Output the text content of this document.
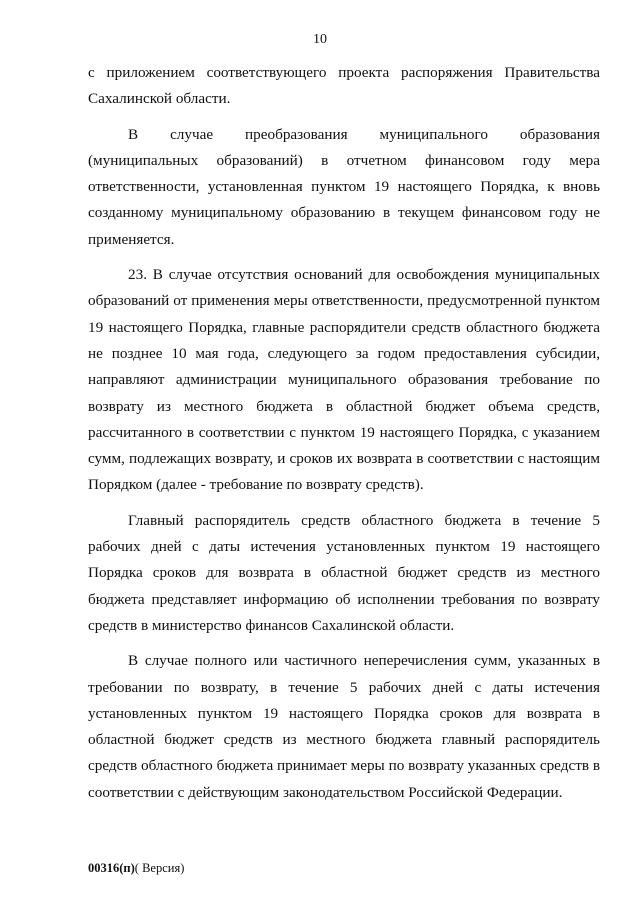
10

с приложением соответствующего проекта распоряжения Правительства Сахалинской области.

В случае преобразования муниципального образования (муниципальных образований) в отчетном финансовом году мера ответственности, установленная пунктом 19 настоящего Порядка, к вновь созданному муниципальному образованию в текущем финансовом году не применяется.

23. В случае отсутствия оснований для освобождения муниципальных образований от применения меры ответственности, предусмотренной пунктом 19 настоящего Порядка, главные распорядители средств областного бюджета не позднее 10 мая года, следующего за годом предоставления субсидии, направляют администрации муниципального образования требование по возврату из местного бюджета в областной бюджет объема средств, рассчитанного в соответствии с пунктом 19 настоящего Порядка, с указанием сумм, подлежащих возврату, и сроков их возврата в соответствии с настоящим Порядком (далее - требование по возврату средств).

Главный распорядитель средств областного бюджета в течение 5 рабочих дней с даты истечения установленных пунктом 19 настоящего Порядка сроков для возврата в областной бюджет средств из местного бюджета представляет информацию об исполнении требования по возврату средств в министерство финансов Сахалинской области.

В случае полного или частичного неперечисления сумм, указанных в требовании по возврату, в течение 5 рабочих дней с даты истечения установленных пунктом 19 настоящего Порядка сроков для возврата в областной бюджет средств из местного бюджета главный распорядитель средств областного бюджета принимает меры по возврату указанных средств в соответствии с действующим законодательством Российской Федерации.

00316(п)( Версия)
